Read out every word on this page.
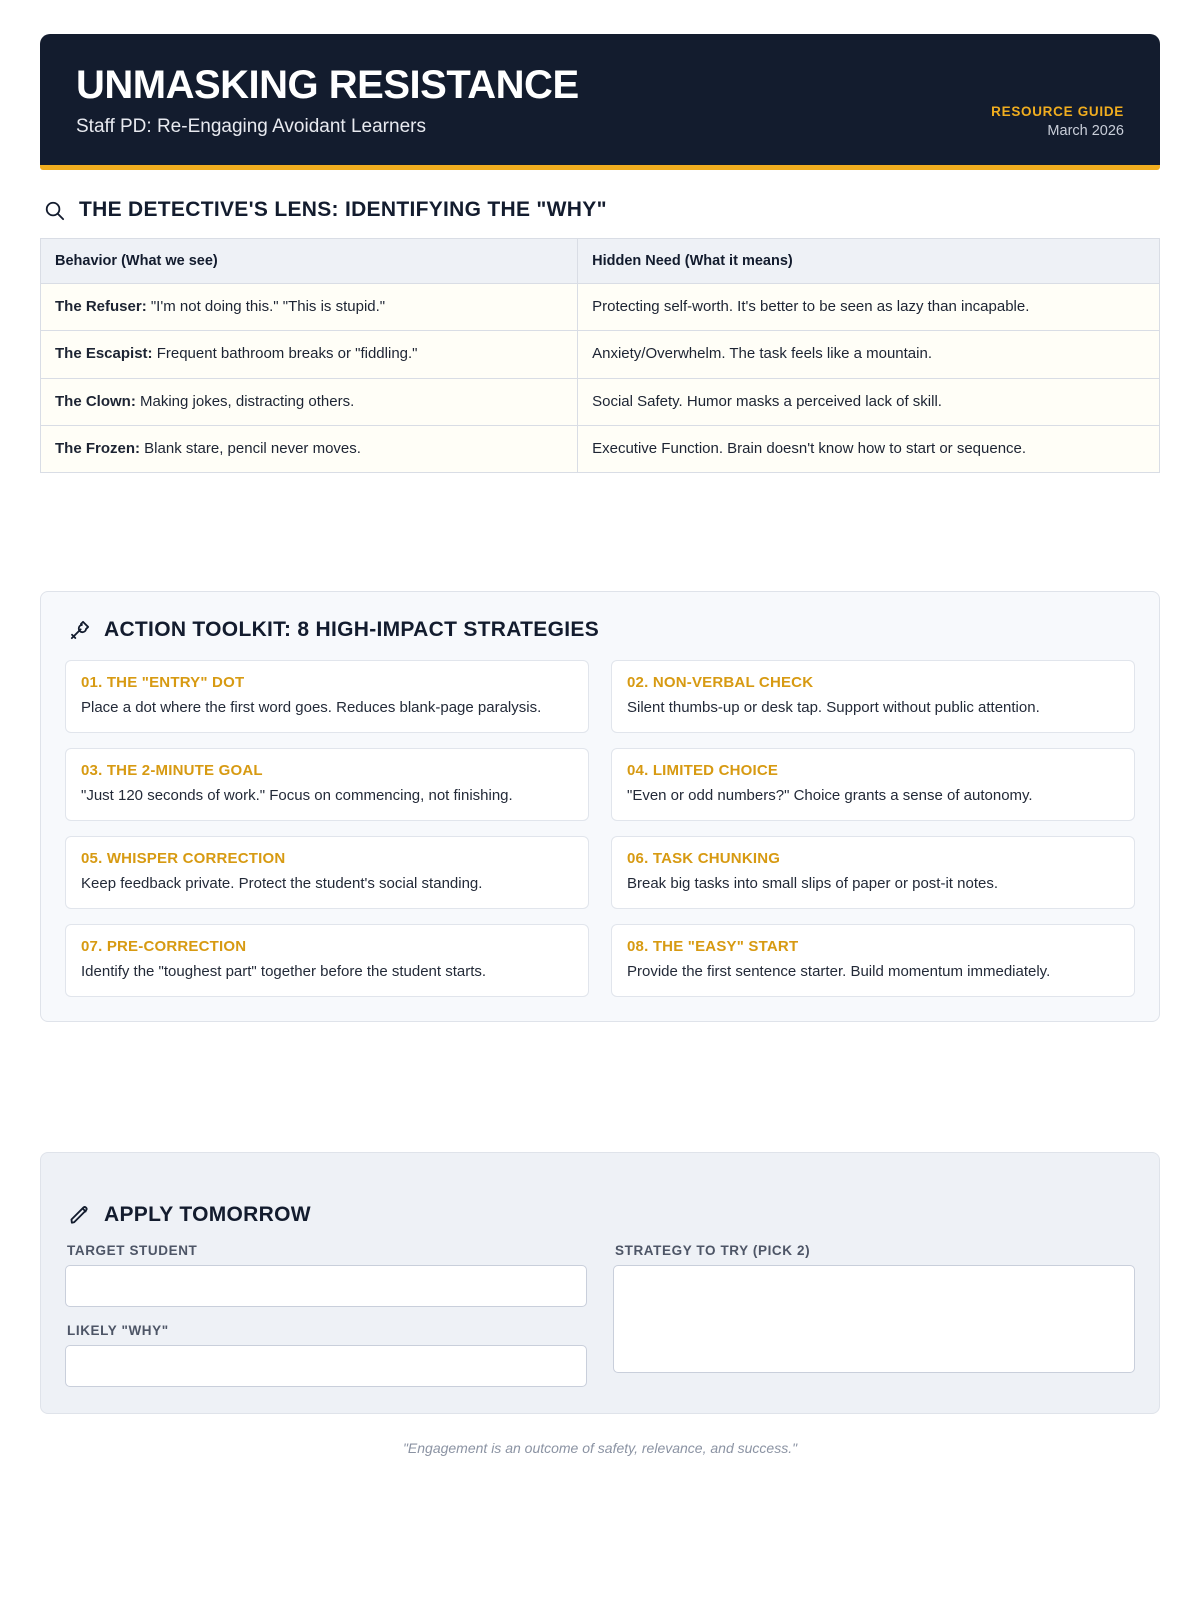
UNMASKING RESISTANCE
Staff PD: Re-Engaging Avoidant Learners
RESOURCE GUIDE
March 2026
THE DETECTIVE'S LENS: IDENTIFYING THE "WHY"
Behavior (What we see)	Hidden Need (What it means)
The Refuser: "I'm not doing this." "This is stupid."	Protecting self-worth. It's better to be seen as lazy than incapable.
The Escapist: Frequent bathroom breaks or "fiddling."	Anxiety/Overwhelm. The task feels like a mountain.
The Clown: Making jokes, distracting others.	Social Safety. Humor masks a perceived lack of skill.
The Frozen: Blank stare, pencil never moves.	Executive Function. Brain doesn't know how to start or sequence.
ACTION TOOLKIT: 8 HIGH-IMPACT STRATEGIES
01. THE "ENTRY" DOT
Place a dot where the first word goes. Reduces blank-page paralysis.
02. NON-VERBAL CHECK
Silent thumbs-up or desk tap. Support without public attention.
03. THE 2-MINUTE GOAL
"Just 120 seconds of work." Focus on commencing, not finishing.
04. LIMITED CHOICE
"Even or odd numbers?" Choice grants a sense of autonomy.
05. WHISPER CORRECTION
Keep feedback private. Protect the student's social standing.
06. TASK CHUNKING
Break big tasks into small slips of paper or post-it notes.
07. PRE-CORRECTION
Identify the "toughest part" together before the student starts.
08. THE "EASY" START
Provide the first sentence starter. Build momentum immediately.
APPLY TOMORROW
TARGET STUDENT
LIKELY "WHY"
STRATEGY TO TRY (PICK 2)
"Engagement is an outcome of safety, relevance, and success."
